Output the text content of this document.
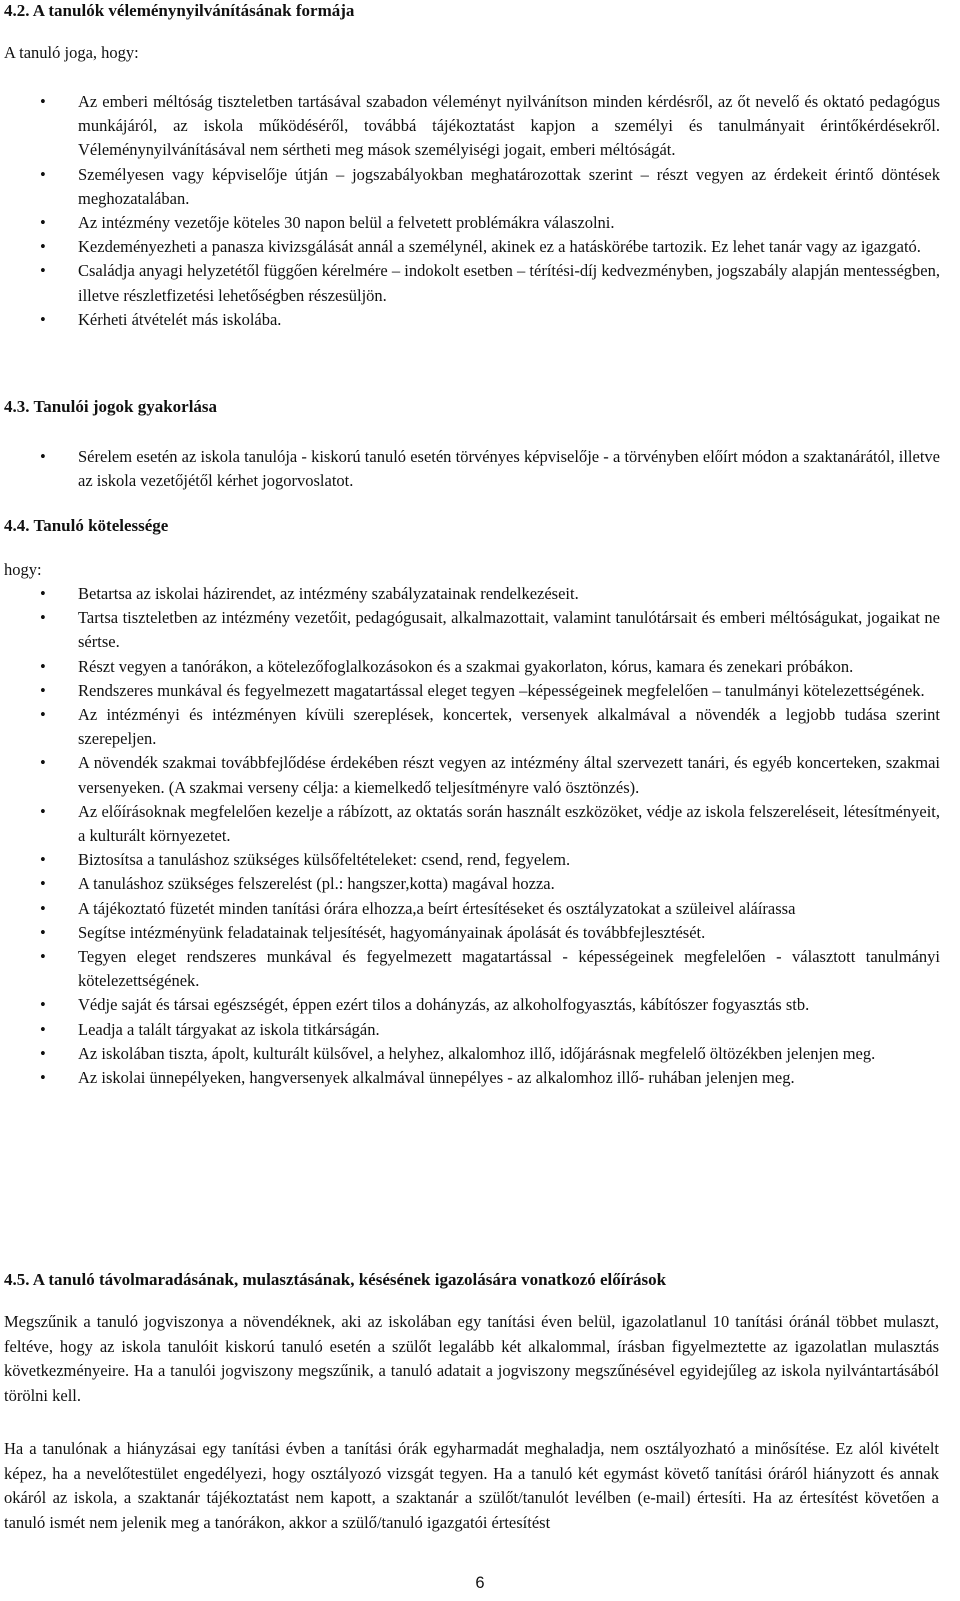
4.2. A tanulók véleménynyilvánításának formája

A tanuló joga, hogy:

• Az emberi méltóság tiszteletben tartásával szabadon véleményt nyilvánítson minden kérdésről, az őt nevelő és oktató pedagógus munkájáról, az iskola működéséről, továbbá tájékoztatást kapjon a személyi és tanulmányait érintőkérdésekről. Véleménynyilvánításával nem sértheti meg mások személyiségi jogait, emberi méltóságát.
• Személyesen vagy képviselője útján – jogszabályokban meghatározottak szerint – részt vegyen az érdekeit érintő döntések meghozatalában.
• Az intézmény vezetője köteles 30 napon belül a felvetett problémákra válaszolni.
• Kezdeményezheti a panasza kivizsgálását annál a személynél, akinek ez a hatáskörébe tartozik. Ez lehet tanár vagy az igazgató.
• Családja anyagi helyzetétől függően kérelmére – indokolt esetben – térítési-díj kedvezményben, jogszabály alapján mentességben, illetve részletfizetési lehetőségben részesüljön.
• Kérheti átvételét más iskolába.
4.3. Tanulói jogok gyakorlása
• Sérelem esetén az iskola tanulója - kiskorú tanuló esetén törvényes képviselője - a törvényben előírt módon a szaktanárától, illetve az iskola vezetőjétől kérhet jogorvoslatot.
4.4. Tanuló kötelessége

hogy:

• Betartsa az iskolai házirendet, az intézmény szabályzatainak rendelkezéseit.
• Tartsa tiszteletben az intézmény vezetőit, pedagógusait, alkalmazottait, valamint tanulótársait és emberi méltóságukat, jogaikat ne sértse.
• Részt vegyen a tanórákon, a kötelezőfoglalkozásokon és a szakmai gyakorlaton, kórus, kamara és zenekari próbákon.
• Rendszeres munkával és fegyelmezett magatartással eleget tegyen –képességeinek megfelelően – tanulmányi kötelezettségének.
• Az intézményi és intézményen kívüli szereplések, koncertek, versenyek alkalmával a növendék a legjobb tudása szerint szerepeljen.
• A növendék szakmai továbbfejlődése érdekében részt vegyen az intézmény által szervezett tanári, és egyéb koncerteken, szakmai versenyeken. (A szakmai verseny célja: a kiemelkedő teljesítményre való ösztönzés).
• Az előírásoknak megfelelően kezelje a rábízott, az oktatás során használt eszközöket, védje az iskola felszereléseit, létesítményeit, a kulturált környezetet.
• Biztosítsa a tanuláshoz szükséges külsőfeltételeket: csend, rend, fegyelem.
• A tanuláshoz szükséges felszerelést (pl.: hangszer,kotta) magával hozza.
• A tájékoztató füzetét minden tanítási órára elhozza,a beírt értesítéseket és osztályzatokat a szüleivel aláírassa
• Segítse intézményünk feladatainak teljesítését, hagyományainak ápolását és továbbfejlesztését.
• Tegyen eleget rendszeres munkával és fegyelmezett magatartással - képességeinek megfelelően - választott tanulmányi kötelezettségének.
• Védje saját és társai egészségét, éppen ezért tilos a dohányzás, az alkoholfogyasztás, kábítószer fogyasztás stb.
• Leadja a talált tárgyakat az iskola titkárságán.
• Az iskolában tiszta, ápolt, kulturált külsővel, a helyhez, alkalomhoz illő, időjárásnak megfelelő öltözékben jelenjen meg.
• Az iskolai ünnepélyeken, hangversenyek alkalmával ünnepélyes - az alkalomhoz illő- ruhában jelenjen meg.
4.5. A tanuló távolmaradásának, mulasztásának, késésének igazolására vonatkozó előírások

Megszűnik a tanuló jogviszonya a növendéknek, aki az iskolában egy tanítási éven belül, igazolatlanul 10 tanítási óránál többet mulaszt, feltéve, hogy az iskola tanulóit kiskorú tanuló esetén a szülőt legalább két alkalommal, írásban figyelmeztette az igazolatlan mulasztás következményeire. Ha a tanulói jogviszony megszűnik, a tanuló adatait a jogviszony megszűnésével egyidejűleg az iskola nyilvántartásából törölni kell.

Ha a tanulónak a hiányzásai egy tanítási évben a tanítási órák egyharmadát meghaladja, nem osztályozható a minősítése. Ez alól kivételt képez, ha a nevelőtestület engedélyezi, hogy osztályozó vizsgát tegyen. Ha a tanuló két egymást követő tanítási óráról hiányzott és annak okáról az iskola, a szaktanár tájékoztatást nem kapott, a szaktanár a szülőt/tanulót levélben (e-mail) értesíti. Ha az értesítést követően a tanuló ismét nem jelenik meg a tanórákon, akkor a szülő/tanuló igazgatói értesítést

6
